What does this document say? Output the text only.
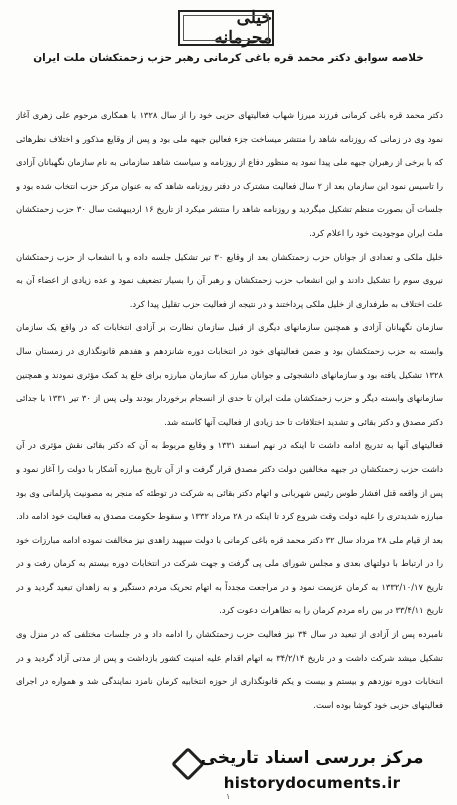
خیلی محرمانه
خلاصه سوابق دکتر محمد قره باغی کرمانی رهبر حزب زحمتکشان ملت ایران

دکتر محمد قره باغی کرمانی فرزند میرزا شهاب فعالیتهای حزبی خود را از سال ۱۳۲۸ با همکاری مرحوم علی زهری آغاز نمود وی در زمانی که روزنامه شاهد را منتشر میساخت جزء فعالین جبهه ملی بود و پس از وقایع مذکور و اختلاف نظرهائی که با برخی از رهبران جبهه ملی پیدا نمود به منظور دفاع از روزنامه و سیاست شاهد سازمانی به نام سازمان نگهبانان آزادی را تاسیس نمود این سازمان بعد از ۲ سال فعالیت مشترک در دفتر روزنامه شاهد که به عنوان مرکز حزب انتخاب شده بود و جلسات آن بصورت منظم تشکیل میگردید و روزنامه شاهد را منتشر میکرد از تاریخ ۱۶ اردیبهشت سال ۳۰ حزب زحمتکشان ملت ایران موجودیت خود را اعلام کرد.

خلیل ملکی و تعدادی از جوانان حزب زحمتکشان بعد از وقایع ۳۰ تیر تشکیل جلسه داده و با انشعاب از حزب زحمتکشان نیروی سوم را تشکیل دادند و این انشعاب حزب زحمتکشان و رهبر آن را بسیار تضعیف نمود و عده زیادی از اعضاء آن به علت اختلاف به طرفداری از خلیل ملکی پرداختند و در نتیجه از فعالیت حزب تقلیل پیدا کرد.

سازمان نگهبانان آزادی و همچنین سازمانهای دیگری از قبیل سازمان نظارت بر آزادی انتخابات که در واقع یک سازمان وابسته به حزب زحمتکشان بود و ضمن فعالیتهای خود در انتخابات دوره شانزدهم و هفدهم قانونگذاری در زمستان سال ۱۳۲۸ تشکیل یافته بود و سازمانهای دانشجوئی و جوانان مبارز که سازمان مبارزه برای خلع ید کمک مؤثری نمودند و همچنین سازمانهای وابسته دیگر و حزب زحمتکشان ملت ایران تا حدی از انسجام برخوردار بودند ولی پس از ۳۰ تیر ۱۳۳۱ با جدائی دکتر مصدق و دکتر بقائی و تشدید اختلافات تا حد زیادی از فعالیت آنها کاسته شد.

فعالیتهای آنها به تدریج ادامه داشت تا اینکه در نهم اسفند ۱۳۳۱ و وقایع مربوط به آن که دکتر بقائی نقش مؤثری در آن داشت حزب زحمتکشان در جبهه مخالفین دولت دکتر مصدق قرار گرفت و از آن تاریخ مبارزه آشکار با دولت را آغاز نمود و پس از واقعه قتل افشار طوس رئیس شهربانی و اتهام دکتر بقائی به شرکت در توطئه که منجر به مصونیت پارلمانی وی بود مبارزه شدیدتری را علیه دولت وقت شروع کرد تا اینکه در ۲۸ مرداد ۱۳۳۲ و سقوط حکومت مصدق به فعالیت خود ادامه داد.

بعد از قیام ملی ۲۸ مرداد سال ۳۲ دکتر محمد قره باغی کرمانی با دولت سپهبد زاهدی نیز مخالفت نموده ادامه مبارزات خود را در ارتباط با دولتهای بعدی و مجلس شورای ملی پی گرفت و جهت شرکت در انتخابات دوره بیستم به کرمان رفت و در تاریخ ۱۳۳۲/۱۰/۱۷ به کرمان عزیمت نمود و در مراجعت مجدداً به اتهام تحریک مردم دستگیر و به زاهدان تبعید گردید و در تاریخ ۳۳/۴/۱۱ در بین راه مردم کرمان را به تظاهرات دعوت کرد.

نامبرده پس از آزادی از تبعید در سال ۳۴ نیز فعالیت حزب زحمتکشان را ادامه داد و در جلسات مختلفی که در منزل وی تشکیل میشد شرکت داشت و در تاریخ ۳۴/۲/۱۴ به اتهام اقدام علیه امنیت کشور بازداشت و پس از مدتی آزاد گردید و در انتخابات دوره نوزدهم و بیستم و بیست و یکم قانونگذاری از حوزه انتخابیه کرمان نامزد نمایندگی شد و همواره در اجرای فعالیتهای حزبی خود کوشا بوده است.

مرکز بررسی اسناد تاریخی
historydocuments.ir
۱
